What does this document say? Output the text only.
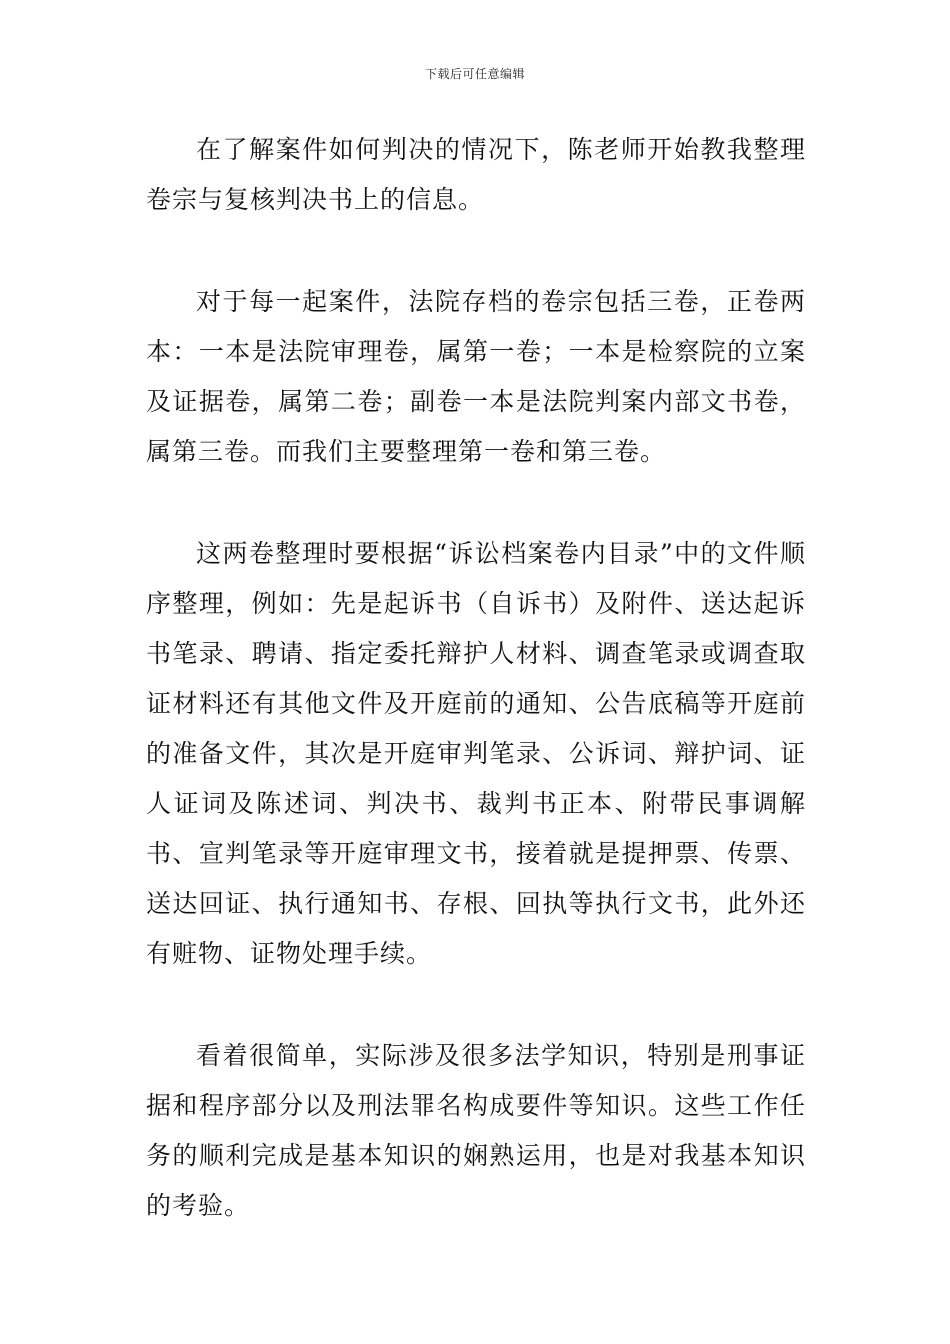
下载后可任意编辑

在了解案件如何判决的情况下，陈老师开始教我整理卷宗与复核判决书上的信息。

对于每一起案件，法院存档的卷宗包括三卷，正卷两本：一本是法院审理卷，属第一卷；一本是检察院的立案及证据卷，属第二卷；副卷一本是法院判案内部文书卷，属第三卷。而我们主要整理第一卷和第三卷。

这两卷整理时要根据“诉讼档案卷内目录”中的文件顺序整理，例如：先是起诉书（自诉书）及附件、送达起诉书笔录、聘请、指定委托辩护人材料、调查笔录或调查取证材料还有其他文件及开庭前的通知、公告底稿等开庭前的准备文件，其次是开庭审判笔录、公诉词、辩护词、证人证词及陈述词、判决书、裁判书正本、附带民事调解书、宣判笔录等开庭审理文书，接着就是提押票、传票、送达回证、执行通知书、存根、回执等执行文书，此外还有赃物、证物处理手续。

看着很简单，实际涉及很多法学知识，特别是刑事证据和程序部分以及刑法罪名构成要件等知识。这些工作任务的顺利完成是基本知识的娴熟运用，也是对我基本知识的考验。
